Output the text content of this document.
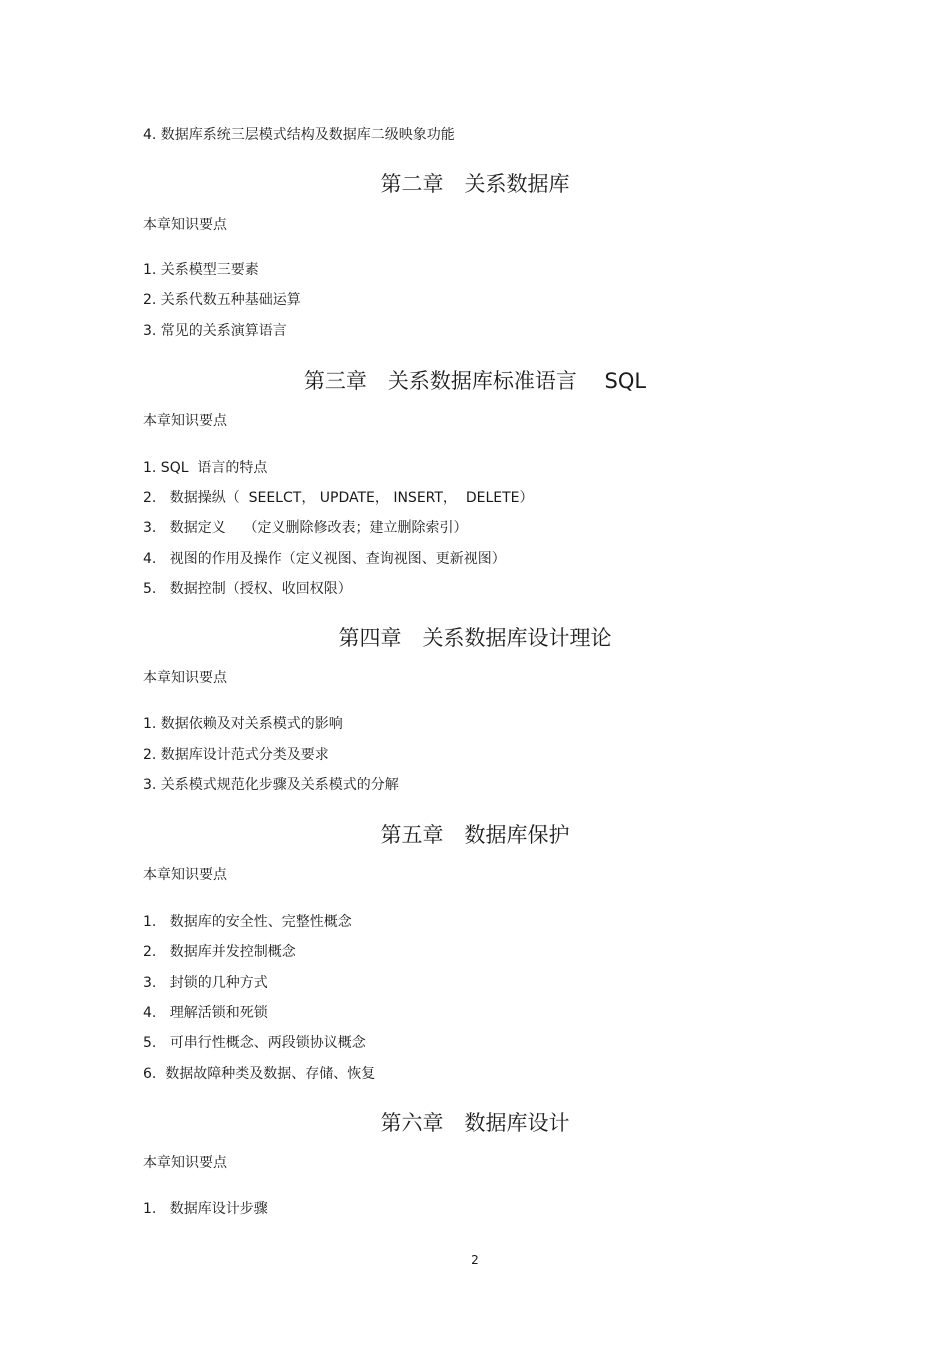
4. 数据库系统三层模式结构及数据库二级映象功能
第二章　关系数据库
本章知识要点
1. 关系模型三要素
2. 关系代数五种基础运算
3. 常见的关系演算语言
第三章　关系数据库标准语言　 SQL
本章知识要点
1. SQL  语言的特点
2.   数据操纵（  SEELCT， UPDATE， INSERT，  DELETE）
3.   数据定义    （定义删除修改表；建立删除索引）
4.   视图的作用及操作（定义视图、查询视图、更新视图）
5.   数据控制（授权、收回权限）
第四章　关系数据库设计理论
本章知识要点
1. 数据依赖及对关系模式的影响
2. 数据库设计范式分类及要求
3. 关系模式规范化步骤及关系模式的分解
第五章　数据库保护
本章知识要点
1.   数据库的安全性、完整性概念
2.   数据库并发控制概念
3.   封锁的几种方式
4.   理解活锁和死锁
5.   可串行性概念、两段锁协议概念
6.  数据故障种类及数据、存储、恢复
第六章　数据库设计
本章知识要点
1.   数据库设计步骤
2
